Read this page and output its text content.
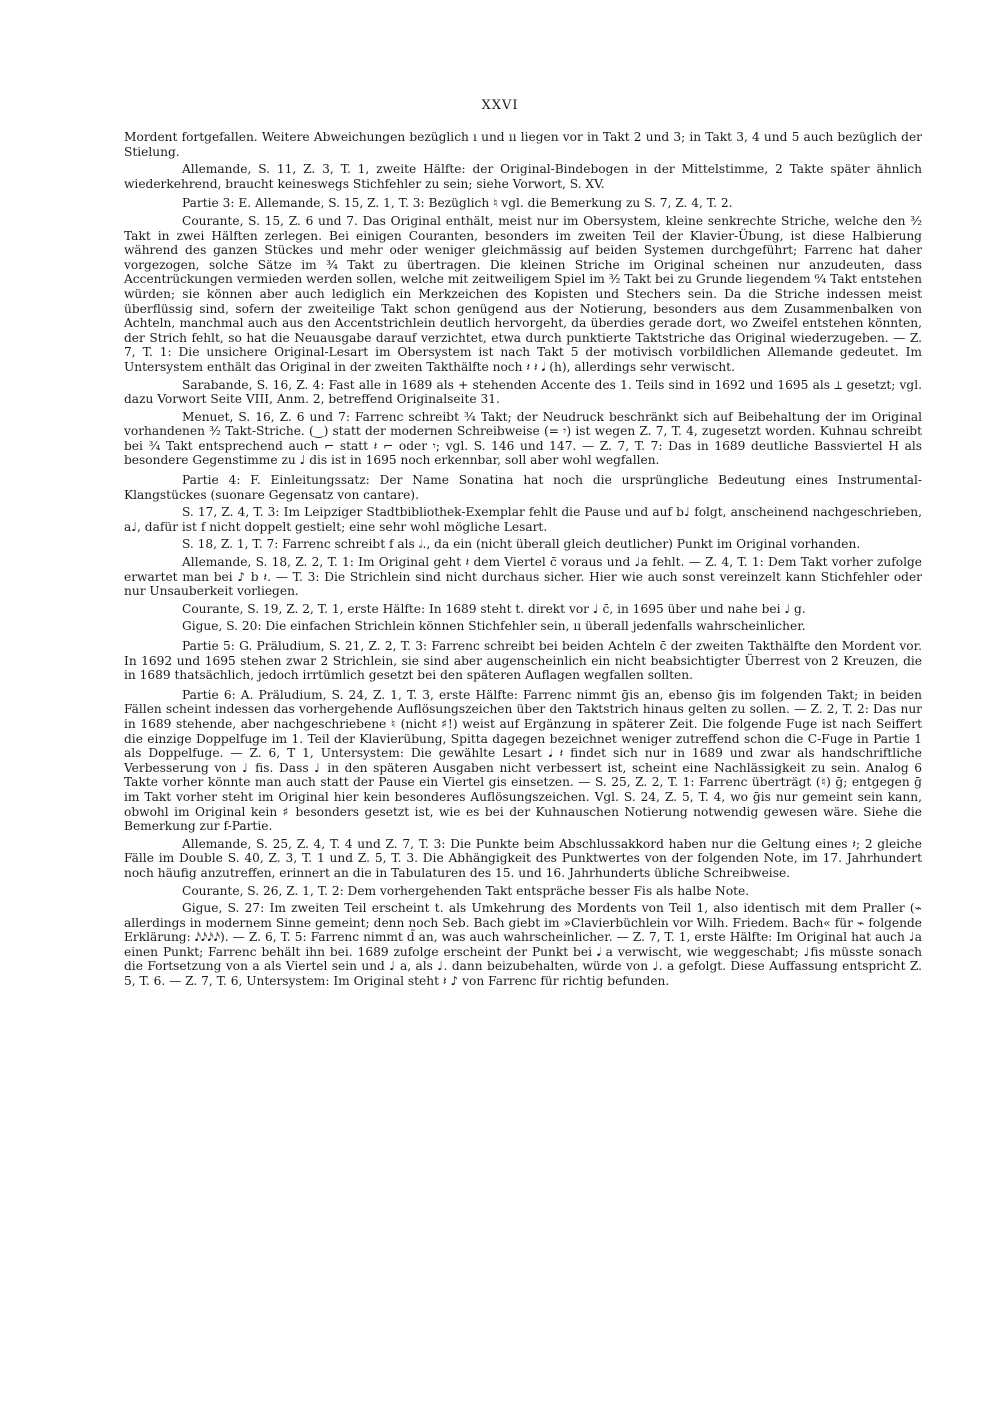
XXVI

Mordent fortgefallen. Weitere Abweichungen bezüglich ı und ıı liegen vor in Takt 2 und 3; in Takt 3, 4 und 5 auch bezüglich der Stielung.

Allemande, S. 11, Z. 3, T. 1, zweite Hälfte: der Original-Bindebogen in der Mittelstimme, 2 Takte später ähnlich wiederkehrend, braucht keineswegs Stichfehler zu sein; siehe Vorwort, S. XV.

Partie 3: E. Allemande, S. 15, Z. 1, T. 3: Bezüglich ♮ vgl. die Bemerkung zu S. 7, Z. 4, T. 2.

Courante, S. 15, Z. 6 und 7. Das Original enthält, meist nur im Obersystem, kleine senkrechte Striche, welche den ³⁄₂ Takt in zwei Hälften zerlegen. Bei einigen Couranten, besonders im zweiten Teil der Klavier-Übung, ist diese Halbierung während des ganzen Stückes und mehr oder weniger gleichmässig auf beiden Systemen durchgeführt; Farrenc hat daher vorgezogen, solche Sätze im ³⁄₄ Takt zu übertragen. Die kleinen Striche im Original scheinen nur anzudeuten, dass Accentrückungen vermieden werden sollen, welche mit zeitweiligem Spiel im ³⁄₂ Takt bei zu Grunde liegendem ⁶⁄₄ Takt entstehen würden; sie können aber auch lediglich ein Merkzeichen des Kopisten und Stechers sein. Da die Striche indessen meist überflüssig sind, sofern der zweiteilige Takt schon genügend aus der Notierung, besonders aus dem Zusammenbalken von Achteln, manchmal auch aus den Accentstrichlein deutlich hervorgeht, da überdies gerade dort, wo Zweifel entstehen könnten, der Strich fehlt, so hat die Neuausgabe darauf verzichtet, etwa durch punktierte Taktstriche das Original wiederzugeben. — Z. 7, T. 1: Die unsichere Original-Lesart im Obersystem ist nach Takt 5 der motivisch vorbildlichen Allemande gedeutet. Im Untersystem enthält das Original in der zweiten Takthälfte noch 𝄽 𝄽 𝅘𝅥 (h), allerdings sehr verwischt.

Sarabande, S. 16, Z. 4: Fast alle in 1689 als + stehenden Accente des 1. Teils sind in 1692 und 1695 als ⟂ gesetzt; vgl. dazu Vorwort Seite VIII, Anm. 2, betreffend Originalseite 31.

Menuet, S. 16, Z. 6 und 7: Farrenc schreibt ³⁄₄ Takt; der Neudruck beschränkt sich auf Beibehaltung der im Original vorhandenen ³⁄₂ Takt-Striche. (‿) statt der modernen Schreibweise (= 𝄾) ist wegen Z. 7, T. 4, zugesetzt worden. Kuhnau schreibt bei ³⁄₄ Takt entsprechend auch ⌐ statt 𝄽 ⌐ oder 𝄾; vgl. S. 146 und 147. — Z. 7, T. 7: Das in 1689 deutliche Bassviertel H als besondere Gegenstimme zu ♩ dis ist in 1695 noch erkennbar, soll aber wohl wegfallen.

Partie 4: F. Einleitungssatz: Der Name Sonatina hat noch die ursprüngliche Bedeutung eines Instrumental-Klangstückes (suonare Gegensatz von cantare).

S. 17, Z. 4, T. 3: Im Leipziger Stadtbibliothek-Exemplar fehlt die Pause und auf b♩ folgt, anscheinend nachgeschrieben, a♩, dafür ist f nicht doppelt gestielt; eine sehr wohl mögliche Lesart.

S. 18, Z. 1, T. 7: Farrenc schreibt f als 𝅗𝅥., da ein (nicht überall gleich deutlicher) Punkt im Original vorhanden.

Allemande, S. 18, Z. 2, T. 1: Im Original geht 𝄽 dem Viertel c̄ voraus und ♩a fehlt. — Z. 4, T. 1: Dem Takt vorher zufolge erwartet man bei ♪ b 𝄽. — T. 3: Die Strichlein sind nicht durchaus sicher. Hier wie auch sonst vereinzelt kann Stichfehler oder nur Unsauberkeit vorliegen.

Courante, S. 19, Z. 2, T. 1, erste Hälfte: In 1689 steht t. direkt vor ♩ c̄, in 1695 über und nahe bei ♩ g.

Gigue, S. 20: Die einfachen Strichlein können Stichfehler sein, ıı überall jedenfalls wahrscheinlicher.

Partie 5: G. Präludium, S. 21, Z. 2, T. 3: Farrenc schreibt bei beiden Achteln c̄ der zweiten Takthälfte den Mordent vor. In 1692 und 1695 stehen zwar 2 Strichlein, sie sind aber augenscheinlich ein nicht beabsichtigter Überrest von 2 Kreuzen, die in 1689 thatsächlich, jedoch irrtümlich gesetzt bei den späteren Auflagen wegfallen sollten.

Partie 6: A. Präludium, S. 24, Z. 1, T. 3, erste Hälfte: Farrenc nimmt ḡis an, ebenso ḡis im folgenden Takt; in beiden Fällen scheint indessen das vorhergehende Auflösungszeichen über den Taktstrich hinaus gelten zu sollen. — Z. 2, T. 2: Das nur in 1689 stehende, aber nachgeschriebene ♮ (nicht ♯!) weist auf Ergänzung in späterer Zeit. Die folgende Fuge ist nach Seiffert die einzige Doppelfuge im 1. Teil der Klavierübung, Spitta dagegen bezeichnet weniger zutreffend schon die C-Fuge in Partie 1 als Doppelfuge. — Z. 6, T 1, Untersystem: Die gewählte Lesart 𝅘𝅥 𝄽 findet sich nur in 1689 und zwar als handschriftliche Verbesserung von ♩ fis. Dass ♩ in den späteren Ausgaben nicht verbessert ist, scheint eine Nachlässigkeit zu sein. Analog 6 Takte vorher könnte man auch statt der Pause ein Viertel gis einsetzen. — S. 25, Z. 2, T. 1: Farrenc überträgt (♮) ḡ; entgegen ḡ im Takt vorher steht im Original hier kein besonderes Auflösungszeichen. Vgl. S. 24, Z. 5, T. 4, wo ḡis nur gemeint sein kann, obwohl im Original kein ♯ besonders gesetzt ist, wie es bei der Kuhnauschen Notierung notwendig gewesen wäre. Siehe die Bemerkung zur f-Partie.

Allemande, S. 25, Z. 4, T. 4 und Z. 7, T. 3: Die Punkte beim Abschlussakkord haben nur die Geltung eines 𝄽; 2 gleiche Fälle im Double S. 40, Z. 3, T. 1 und Z. 5, T. 3. Die Abhängigkeit des Punktwertes von der folgenden Note, im 17. Jahrhundert noch häufig anzutreffen, erinnert an die in Tabulaturen des 15. und 16. Jahrhunderts übliche Schreibweise.

Courante, S. 26, Z. 1, T. 2: Dem vorhergehenden Takt entspräche besser Fis als halbe Note.

Gigue, S. 27: Im zweiten Teil erscheint t. als Umkehrung des Mordents von Teil 1, also identisch mit dem Praller (⌁ allerdings in modernem Sinne gemeint; denn noch Seb. Bach giebt im »Clavierbüchlein vor Wilh. Friedem. Bach« für ⌁ folgende Erklärung: 𝅘𝅥𝅯𝅘𝅥𝅯𝅘𝅥𝅯𝅘𝅥𝅯). — Z. 6, T. 5: Farrenc nimmt d̄ an, was auch wahrscheinlicher. — Z. 7, T. 1, erste Hälfte: Im Original hat auch ♩a einen Punkt; Farrenc behält ihn bei. 1689 zufolge erscheint der Punkt bei 𝅘𝅥 a verwischt, wie weggeschabt; ♩fis müsste sonach die Fortsetzung von a als Viertel sein und ♩ a, als ♩. dann beizubehalten, würde von ♩. a gefolgt. Diese Auffassung entspricht Z. 5, T. 6. — Z. 7, T. 6, Untersystem: Im Original steht 𝄽 ♪ von Farrenc für richtig befunden.
